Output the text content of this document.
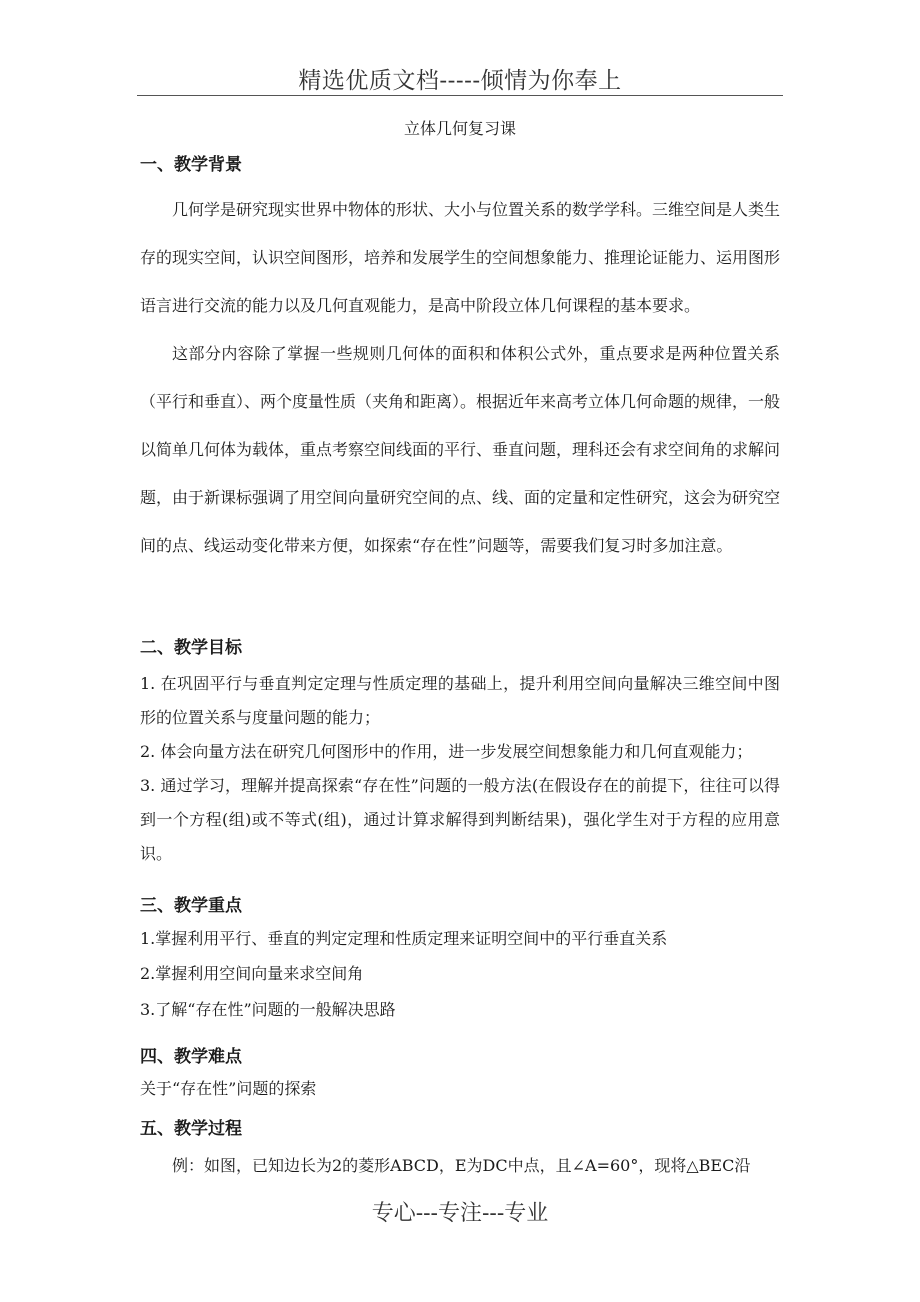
精选优质文档-----倾情为你奉上
立体几何复习课
一、教学背景

几何学是研究现实世界中物体的形状、大小与位置关系的数学学科。三维空间是人类生存的现实空间，认识空间图形，培养和发展学生的空间想象能力、推理论证能力、运用图形语言进行交流的能力以及几何直观能力，是高中阶段立体几何课程的基本要求。

这部分内容除了掌握一些规则几何体的面积和体积公式外，重点要求是两种位置关系（平行和垂直）、两个度量性质（夹角和距离）。根据近年来高考立体几何命题的规律，一般以简单几何体为载体，重点考察空间线面的平行、垂直问题，理科还会有求空间角的求解问题，由于新课标强调了用空间向量研究空间的点、线、面的定量和定性研究，这会为研究空间的点、线运动变化带来方便，如探索“存在性”问题等，需要我们复习时多加注意。

二、教学目标

1. 在巩固平行与垂直判定定理与性质定理的基础上，提升利用空间向量解决三维空间中图形的位置关系与度量问题的能力；

2. 体会向量方法在研究几何图形中的作用，进一步发展空间想象能力和几何直观能力；

3. 通过学习，理解并提高探索“存在性”问题的一般方法(在假设存在的前提下，往往可以得到一个方程(组)或不等式(组)，通过计算求解得到判断结果)，强化学生对于方程的应用意识。

三、教学重点
1.掌握利用平行、垂直的判定定理和性质定理来证明空间中的平行垂直关系
2.掌握利用空间向量来求空间角
3.了解“存在性”问题的一般解决思路
四、教学难点
关于“存在性”问题的探索
五、教学过程

例：如图，已知边长为2的菱形ABCD，E为DC中点，且∠A=60°，现将△BEC沿

专心---专注---专业
